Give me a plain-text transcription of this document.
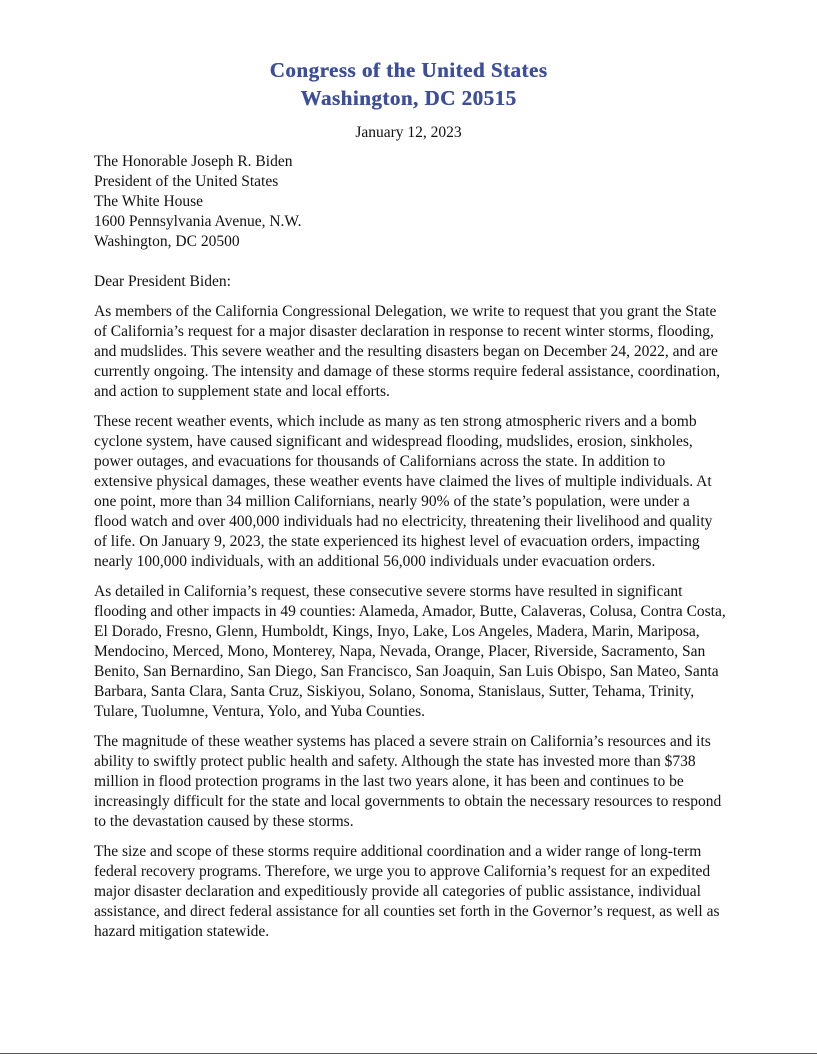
Congress of the United States
Washington, DC 20515
January 12, 2023
The Honorable Joseph R. Biden
President of the United States
The White House
1600 Pennsylvania Avenue, N.W.
Washington, DC 20500
Dear President Biden:

As members of the California Congressional Delegation, we write to request that you grant the State of California’s request for a major disaster declaration in response to recent winter storms, flooding, and mudslides. This severe weather and the resulting disasters began on December 24, 2022, and are currently ongoing. The intensity and damage of these storms require federal assistance, coordination, and action to supplement state and local efforts.

These recent weather events, which include as many as ten strong atmospheric rivers and a bomb cyclone system, have caused significant and widespread flooding, mudslides, erosion, sinkholes, power outages, and evacuations for thousands of Californians across the state. In addition to extensive physical damages, these weather events have claimed the lives of multiple individuals. At one point, more than 34 million Californians, nearly 90% of the state’s population, were under a flood watch and over 400,000 individuals had no electricity, threatening their livelihood and quality of life. On January 9, 2023, the state experienced its highest level of evacuation orders, impacting nearly 100,000 individuals, with an additional 56,000 individuals under evacuation orders.

As detailed in California’s request, these consecutive severe storms have resulted in significant flooding and other impacts in 49 counties: Alameda, Amador, Butte, Calaveras, Colusa, Contra Costa, El Dorado, Fresno, Glenn, Humboldt, Kings, Inyo, Lake, Los Angeles, Madera, Marin, Mariposa, Mendocino, Merced, Mono, Monterey, Napa, Nevada, Orange, Placer, Riverside, Sacramento, San Benito, San Bernardino, San Diego, San Francisco, San Joaquin, San Luis Obispo, San Mateo, Santa Barbara, Santa Clara, Santa Cruz, Siskiyou, Solano, Sonoma, Stanislaus, Sutter, Tehama, Trinity, Tulare, Tuolumne, Ventura, Yolo, and Yuba Counties.

The magnitude of these weather systems has placed a severe strain on California’s resources and its ability to swiftly protect public health and safety. Although the state has invested more than $738 million in flood protection programs in the last two years alone, it has been and continues to be increasingly difficult for the state and local governments to obtain the necessary resources to respond to the devastation caused by these storms.

The size and scope of these storms require additional coordination and a wider range of long-term federal recovery programs. Therefore, we urge you to approve California’s request for an expedited major disaster declaration and expeditiously provide all categories of public assistance, individual assistance, and direct federal assistance for all counties set forth in the Governor’s request, as well as hazard mitigation statewide.
